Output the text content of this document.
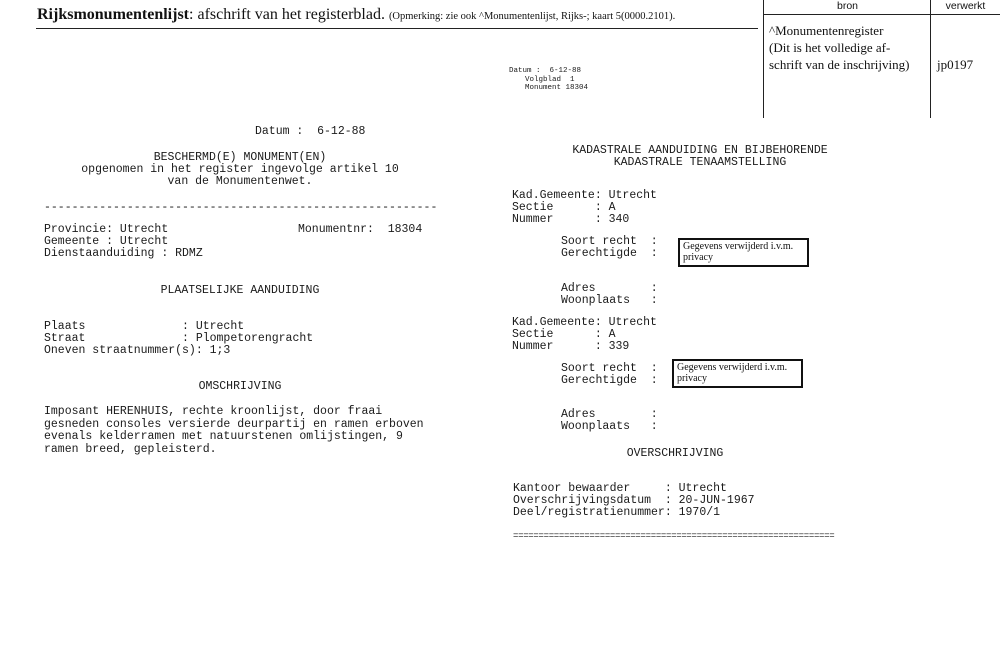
Rijksmonumentenlijst: afschrift van het registerblad. (Opmerking: zie ook ^Monumentenlijst, Rijks-; kaart 5(0000.2101).
bron	verwerkt
^Monumentenregister
(Dit is het volledige af-
schrift van de inschrijving)	jp0197
Datum :  6-12-88
Volgblad  1
Monument 18304
Datum :  6-12-88
BESCHERMD(E) MONUMENT(EN)
opgenomen in het register ingevolge artikel 10
van de Monumentenwet.
---------------------------------------------------------
Provincie: Utrecht	Monumentnr:  18304
Gemeente : Utrecht
Dienstaanduiding : RDMZ
PLAATSELIJKE AANDUIDING
Plaats              : Utrecht
Straat              : Plompetorengracht
Oneven straatnummer(s): 1;3
OMSCHRIJVING
Imposant HERENHUIS, rechte kroonlijst, door fraai
gesneden consoles versierde deurpartij en ramen erboven
evenals kelderramen met natuurstenen omlijstingen, 9
ramen breed, gepleisterd.
KADASTRALE AANDUIDING EN BIJBEHORENDE
KADASTRALE TENAAMSTELLING
Kad.Gemeente: Utrecht
Sectie      : A
Nummer      : 340
Soort recht  :
Gerechtigde  :
Gegevens verwijderd i.v.m.
privacy
Adres        :
Woonplaats   :
Kad.Gemeente: Utrecht
Sectie      : A
Nummer      : 339
Soort recht  :
Gerechtigde  :
Gegevens verwijderd i.v.m.
privacy
Adres        :
Woonplaats   :
OVERSCHRIJVING
Kantoor bewaarder     : Utrecht
Overschrijvingsdatum  : 20-JUN-1967
Deel/registratienummer: 1970/1
===============================================================
